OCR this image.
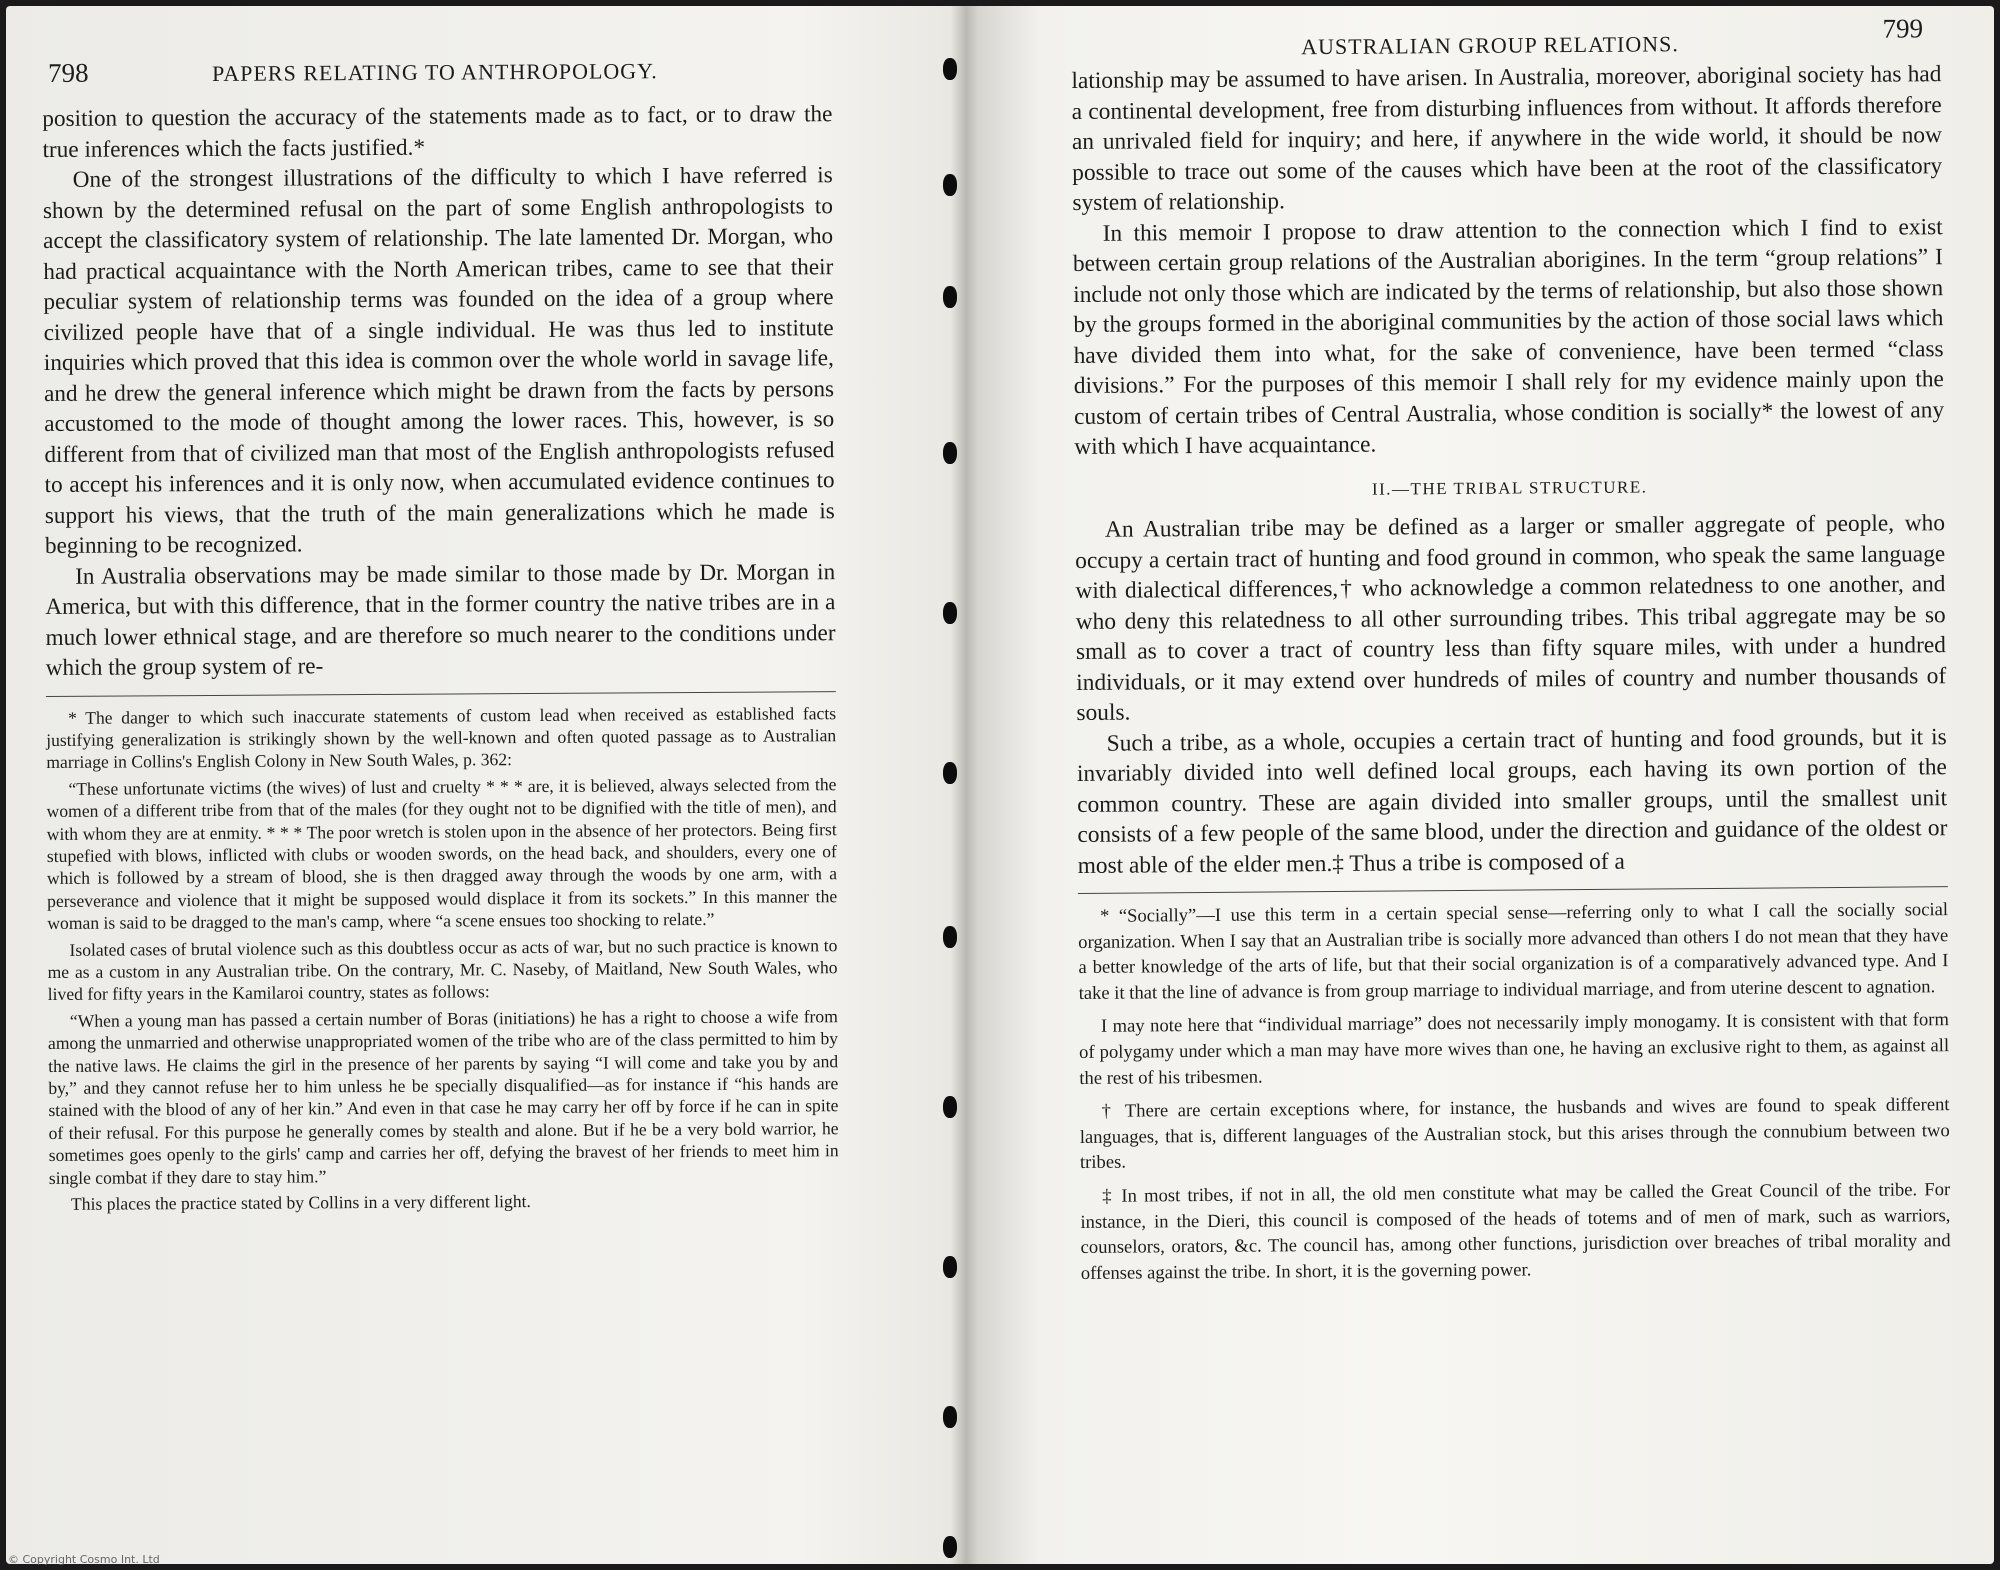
798	PAPERS RELATING TO ANTHROPOLOGY.

position to question the accuracy of the statements made as to fact, or to draw the true inferences which the facts justified.*

One of the strongest illustrations of the difficulty to which I have referred is shown by the determined refusal on the part of some English anthropologists to accept the classificatory system of relationship. The late lamented Dr. Morgan, who had practical acquaintance with the North American tribes, came to see that their peculiar system of relationship terms was founded on the idea of a group where civilized people have that of a single individual. He was thus led to institute inquiries which proved that this idea is common over the whole world in savage life, and he drew the general inference which might be drawn from the facts by persons accustomed to the mode of thought among the lower races. This, however, is so different from that of civilized man that most of the English anthropologists refused to accept his inferences and it is only now, when accumulated evidence continues to support his views, that the truth of the main generalizations which he made is beginning to be recognized.

In Australia observations may be made similar to those made by Dr. Morgan in America, but with this difference, that in the former country the native tribes are in a much lower ethnical stage, and are therefore so much nearer to the conditions under which the group system of re-

* The danger to which such inaccurate statements of custom lead when received as established facts justifying generalization is strikingly shown by the well-known and often quoted passage as to Australian marriage in Collins's English Colony in New South Wales, p. 362:

“These unfortunate victims (the wives) of lust and cruelty * * * are, it is believed, always selected from the women of a different tribe from that of the males (for they ought not to be dignified with the title of men), and with whom they are at enmity. * * * The poor wretch is stolen upon in the absence of her protectors. Being first stupefied with blows, inflicted with clubs or wooden swords, on the head back, and shoulders, every one of which is followed by a stream of blood, she is then dragged away through the woods by one arm, with a perseverance and violence that it might be supposed would displace it from its sockets.” In this manner the woman is said to be dragged to the man's camp, where “a scene ensues too shocking to relate.”

Isolated cases of brutal violence such as this doubtless occur as acts of war, but no such practice is known to me as a custom in any Australian tribe. On the contrary, Mr. C. Naseby, of Maitland, New South Wales, who lived for fifty years in the Kamilaroi country, states as follows:

“When a young man has passed a certain number of Boras (initiations) he has a right to choose a wife from among the unmarried and otherwise unappropriated women of the tribe who are of the class permitted to him by the native laws. He claims the girl in the presence of her parents by saying “I will come and take you by and by,” and they cannot refuse her to him unless he be specially disqualified—as for instance if “his hands are stained with the blood of any of her kin.” And even in that case he may carry her off by force if he can in spite of their refusal. For this purpose he generally comes by stealth and alone. But if he be a very bold warrior, he sometimes goes openly to the girls' camp and carries her off, defying the bravest of her friends to meet him in single combat if they dare to stay him.”

This places the practice stated by Collins in a very different light.

AUSTRALIAN GROUP RELATIONS.
799

lationship may be assumed to have arisen. In Australia, moreover, aboriginal society has had a continental development, free from disturbing influences from without. It affords therefore an unrivaled field for inquiry; and here, if anywhere in the wide world, it should be now possible to trace out some of the causes which have been at the root of the classificatory system of relationship.

In this memoir I propose to draw attention to the connection which I find to exist between certain group relations of the Australian aborigines. In the term “group relations” I include not only those which are indicated by the terms of relationship, but also those shown by the groups formed in the aboriginal communities by the action of those social laws which have divided them into what, for the sake of convenience, have been termed “class divisions.” For the purposes of this memoir I shall rely for my evidence mainly upon the custom of certain tribes of Central Australia, whose condition is socially* the lowest of any with which I have acquaintance.

II.—THE TRIBAL STRUCTURE.

An Australian tribe may be defined as a larger or smaller aggregate of people, who occupy a certain tract of hunting and food ground in common, who speak the same language with dialectical differences,† who acknowledge a common relatedness to one another, and who deny this relatedness to all other surrounding tribes. This tribal aggregate may be so small as to cover a tract of country less than fifty square miles, with under a hundred individuals, or it may extend over hundreds of miles of country and number thousands of souls.

Such a tribe, as a whole, occupies a certain tract of hunting and food grounds, but it is invariably divided into well defined local groups, each having its own portion of the common country. These are again divided into smaller groups, until the smallest unit consists of a few people of the same blood, under the direction and guidance of the oldest or most able of the elder men.‡ Thus a tribe is composed of a

* “Socially”—I use this term in a certain special sense—referring only to what I call the socially social organization. When I say that an Australian tribe is socially more advanced than others I do not mean that they have a better knowledge of the arts of life, but that their social organization is of a comparatively advanced type. And I take it that the line of advance is from group marriage to individual marriage, and from uterine descent to agnation.

I may note here that “individual marriage” does not necessarily imply monogamy. It is consistent with that form of polygamy under which a man may have more wives than one, he having an exclusive right to them, as against all the rest of his tribesmen.

† There are certain exceptions where, for instance, the husbands and wives are found to speak different languages, that is, different languages of the Australian stock, but this arises through the connubium between two tribes.

‡ In most tribes, if not in all, the old men constitute what may be called the Great Council of the tribe. For instance, in the Dieri, this council is composed of the heads of totems and of men of mark, such as warriors, counselors, orators, &c. The council has, among other functions, jurisdiction over breaches of tribal morality and offenses against the tribe. In short, it is the governing power.

© Copyright Cosmo Int. Ltd
